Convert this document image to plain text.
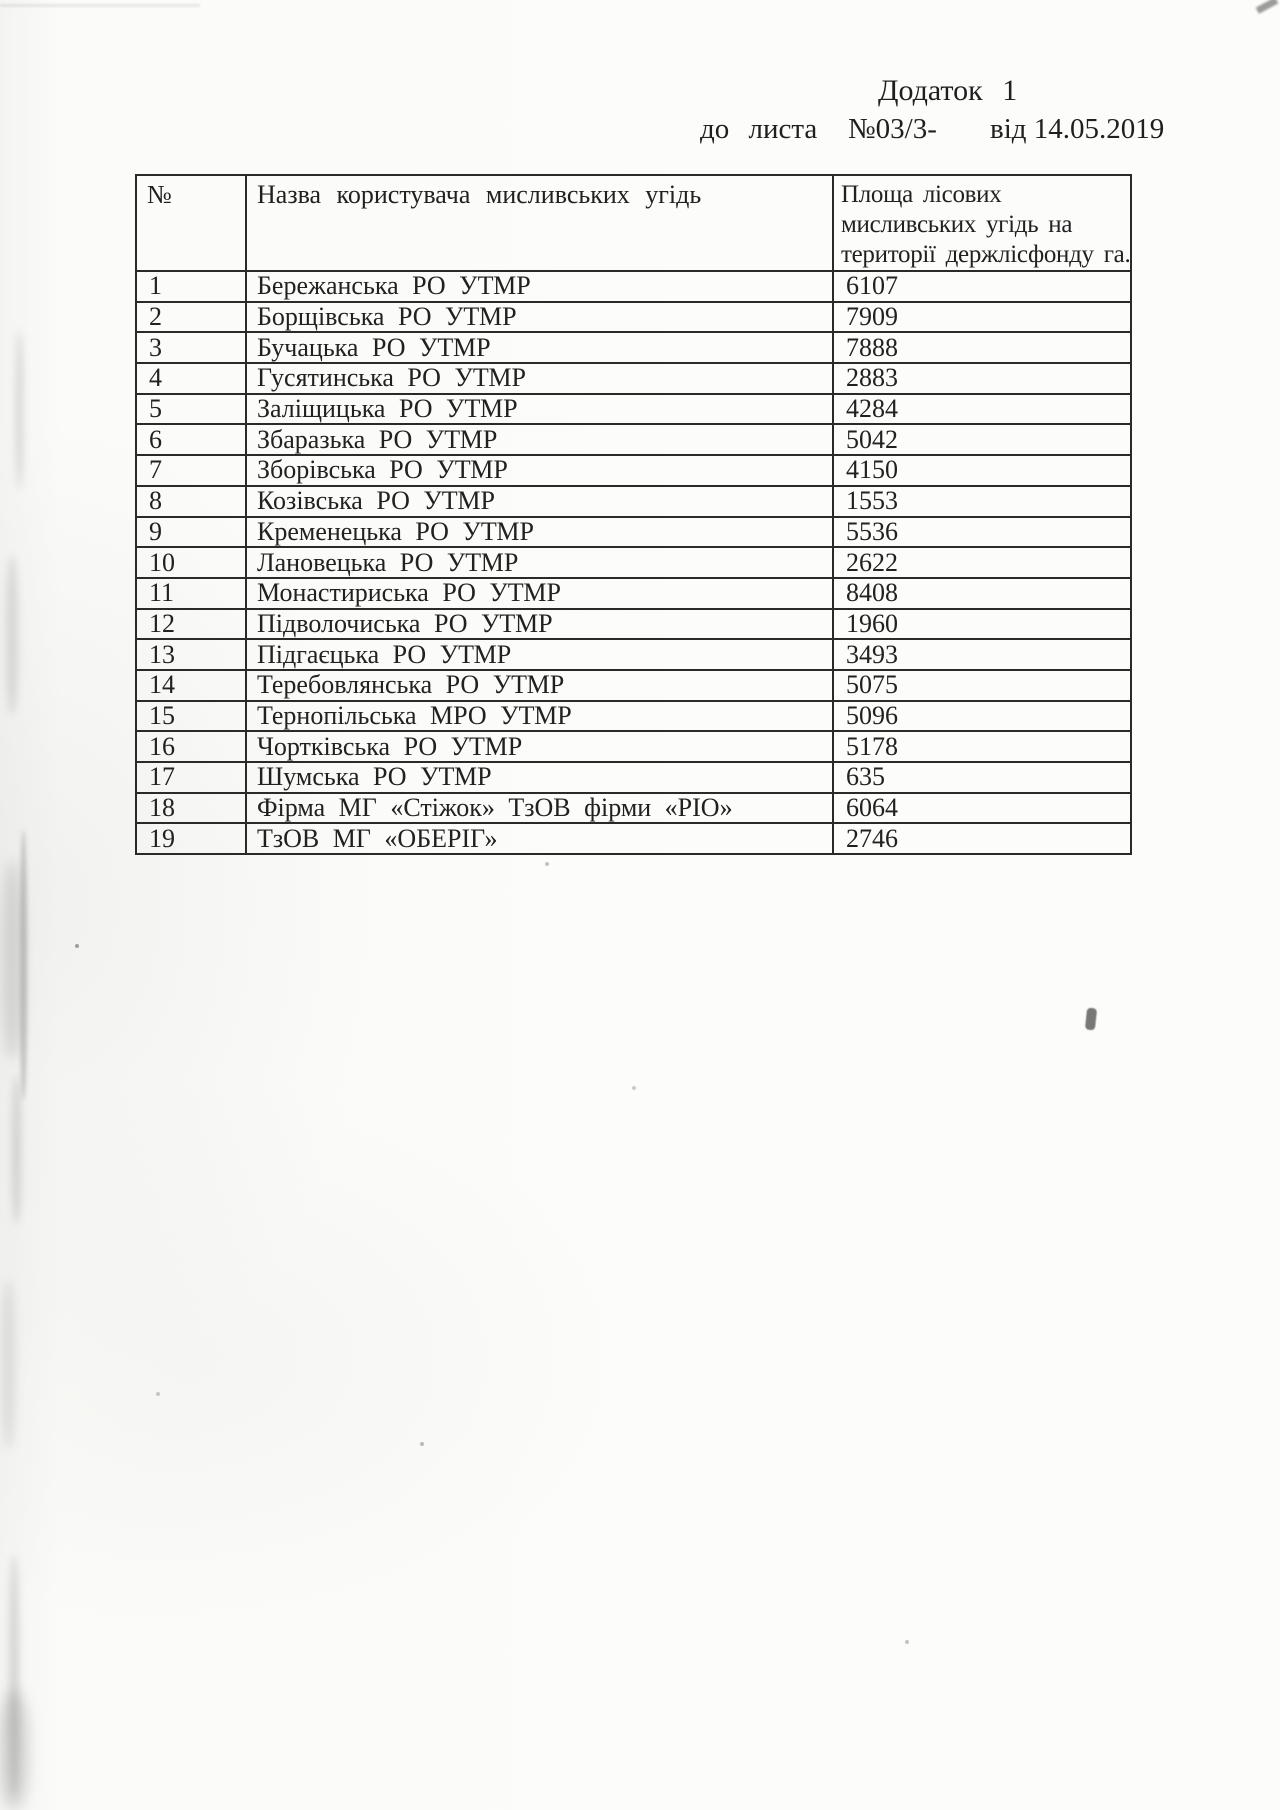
Додаток 1
до листа №03/3- від 14.05.2019
№	Назва користувача мисливських угідь	Площа лісових
мисливських угідь на
території держлісфонду га.

1	Бережанська РО УТМР	6107
2	Борщівська РО УТМР	7909
3	Бучацька РО УТМР	7888
4	Гусятинська РО УТМР	2883
5	Заліщицька РО УТМР	4284
6	Збаразька РО УТМР	5042
7	Зборівська РО УТМР	4150
8	Козівська РО УТМР	1553
9	Кременецька РО УТМР	5536
10	Лановецька РО УТМР	2622
11	Монастириська РО УТМР	8408
12	Підволочиська РО УТМР	1960
13	Підгаєцька РО УТМР	3493
14	Теребовлянська РО УТМР	5075
15	Тернопільська МРО УТМР	5096
16	Чортківська РО УТМР	5178
17	Шумська РО УТМР	635
18	Фірма МГ «Стіжок» ТзОВ фірми «РІО»	6064
19	ТзОВ МГ «ОБЕРІГ»	2746
